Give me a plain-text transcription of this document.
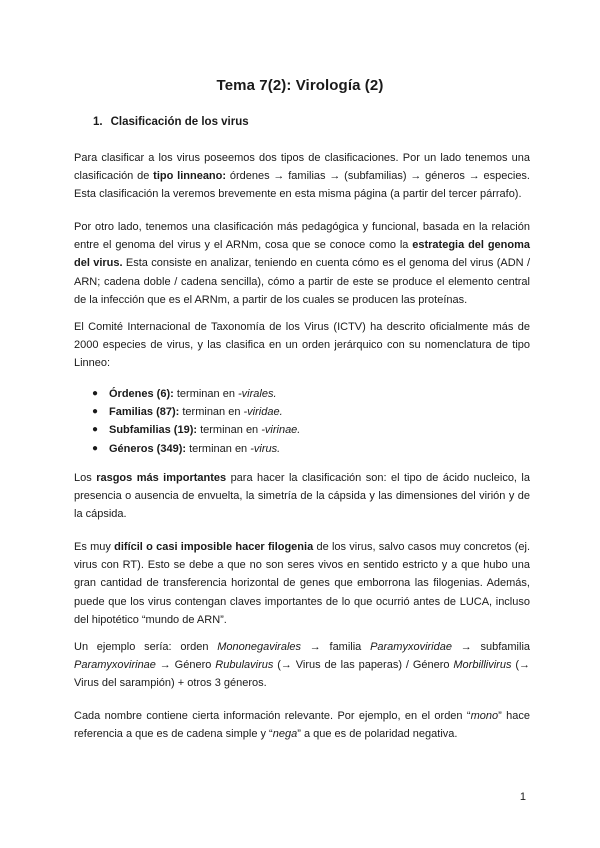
Tema 7(2): Virología (2)
1. Clasificación de los virus
Para clasificar a los virus poseemos dos tipos de clasificaciones. Por un lado tenemos una clasificación de tipo linneano: órdenes → familias → (subfamilias) → géneros → especies. Esta clasificación la veremos brevemente en esta misma página (a partir del tercer párrafo).
Por otro lado, tenemos una clasificación más pedagógica y funcional, basada en la relación entre el genoma del virus y el ARNm, cosa que se conoce como la estrategia del genoma del virus. Esta consiste en analizar, teniendo en cuenta cómo es el genoma del virus (ADN / ARN; cadena doble / cadena sencilla), cómo a partir de este se produce el elemento central de la infección que es el ARNm, a partir de los cuales se producen las proteínas.
El Comité Internacional de Taxonomía de los Virus (ICTV) ha descrito oficialmente más de 2000 especies de virus, y las clasifica en un orden jerárquico con su nomenclatura de tipo Linneo:
● Órdenes (6): terminan en -virales.
● Familias (87): terminan en -viridae.
● Subfamilias (19): terminan en -virinae.
● Géneros (349): terminan en -virus.
Los rasgos más importantes para hacer la clasificación son: el tipo de ácido nucleico, la presencia o ausencia de envuelta, la simetría de la cápsida y las dimensiones del virión y de la cápsida.
Es muy difícil o casi imposible hacer filogenia de los virus, salvo casos muy concretos (ej. virus con RT). Esto se debe a que no son seres vivos en sentido estricto y a que hubo una gran cantidad de transferencia horizontal de genes que emborrona las filogenias. Además, puede que los virus contengan claves importantes de lo que ocurrió antes de LUCA, incluso del hipotético “mundo de ARN”.
Un ejemplo sería: orden Mononegavirales → familia Paramyxoviridae → subfamilia Paramyxovirinae → Género Rubulavirus (→ Virus de las paperas) / Género Morbillivirus (→ Virus del sarampión) + otros 3 géneros.
Cada nombre contiene cierta información relevante. Por ejemplo, en el orden “mono” hace referencia a que es de cadena simple y “nega” a que es de polaridad negativa.
1
